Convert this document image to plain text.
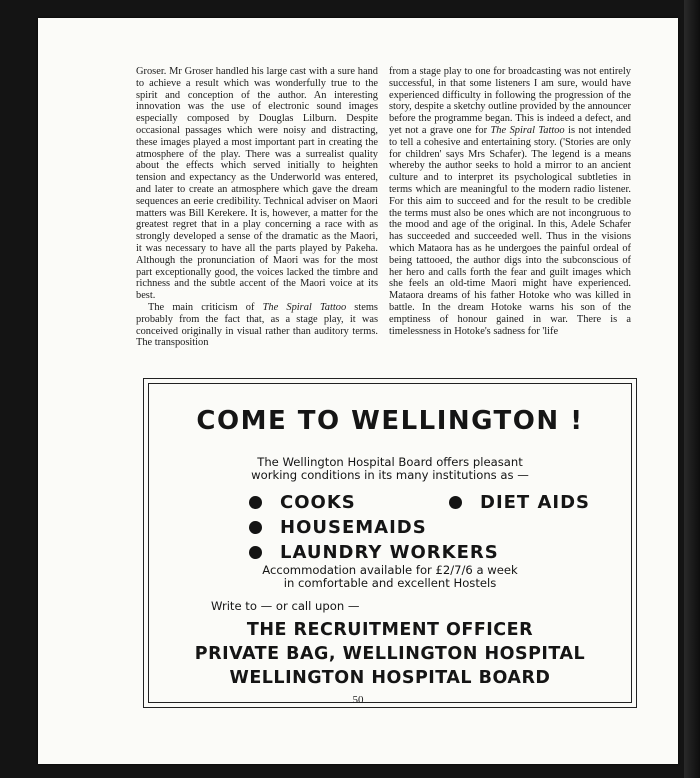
Groser. Mr Groser handled his large cast with a sure hand to achieve a result which was wonderfully true to the spirit and conception of the author. An interesting innovation was the use of electronic sound images especially composed by Douglas Lilburn. Despite occasional passages which were noisy and distracting, these images played a most important part in creating the atmosphere of the play. There was a surrealist quality about the effects which served initially to heighten tension and expectancy as the Underworld was entered, and later to create an atmosphere which gave the dream sequences an eerie credibility. Technical adviser on Maori matters was Bill Kerekere. It is, however, a matter for the greatest regret that in a play concerning a race with as strongly developed a sense of the dramatic as the Maori, it was necessary to have all the parts played by Pakeha. Although the pronunciation of Maori was for the most part exceptionally good, the voices lacked the timbre and richness and the subtle accent of the Maori voice at its best.

The main criticism of The Spiral Tattoo stems probably from the fact that, as a stage play, it was conceived originally in visual rather than auditory terms. The transposition

from a stage play to one for broadcasting was not entirely successful, in that some listeners I am sure, would have experienced difficulty in following the progression of the story, despite a sketchy outline provided by the announcer before the programme began. This is indeed a defect, and yet not a grave one for The Spiral Tattoo is not intended to tell a cohesive and entertaining story. ('Stories are only for children' says Mrs Schafer). The legend is a means whereby the author seeks to hold a mirror to an ancient culture and to interpret its psychological subtleties in terms which are meaningful to the modern radio listener. For this aim to succeed and for the result to be credible the terms must also be ones which are not incongruous to the mood and age of the original. In this, Adele Schafer has succeeded and succeeded well. Thus in the visions which Mataora has as he undergoes the painful ordeal of being tattooed, the author digs into the subconscious of her hero and calls forth the fear and guilt images which she feels an old-time Maori might have experienced. Mataora dreams of his father Hotoke who was killed in battle. In the dream Hotoke warns his son of the emptiness of honour gained in war. There is a timelessness in Hotoke's sadness for 'life

COME TO WELLINGTON !
The Wellington Hospital Board offers pleasant
working conditions in its many institutions as —
COOKS	DIET AIDS
HOUSEMAIDS
LAUNDRY WORKERS
Accommodation available for £2/7/6 a week
in comfortable and excellent Hostels
Write to — or call upon —
THE RECRUITMENT OFFICER
PRIVATE BAG, WELLINGTON HOSPITAL
WELLINGTON HOSPITAL BOARD
50
